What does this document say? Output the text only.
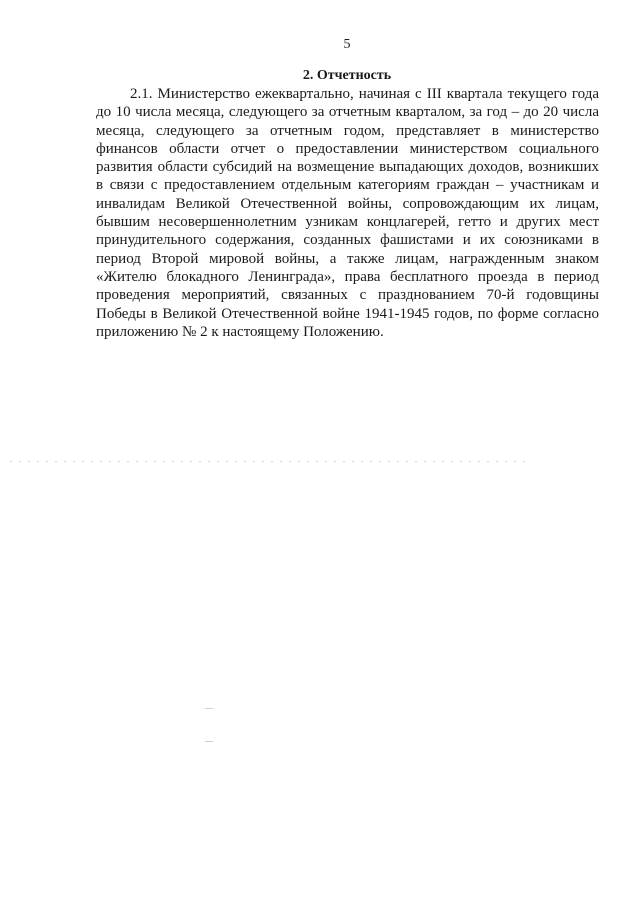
5
2. Отчетность

2.1. Министерство ежеквартально, начиная с III квартала текущего года до 10 числа месяца, следующего за отчетным кварталом, за год – до 20 числа месяца, следующего за отчетным годом, представляет в министерство финансов области отчет о предоставлении министерством социального развития области субсидий на возмещение выпадающих доходов, возникших в связи с предоставлением отдельным категориям граждан – участникам и инвалидам Великой Отечественной войны, сопровождающим их лицам, бывшим несовершеннолетним узникам концлагерей, гетто и других мест принудительного содержания, созданных фашистами и их союзниками в период Второй мировой войны, а также лицам, награжденным знаком «Жителю блокадного Ленинграда», права бесплатного проезда в период проведения мероприятий, связанных с празднованием 70-й годовщины Победы в Великой Отечественной войне 1941-1945 годов, по форме согласно приложению № 2 к настоящему Положению.
